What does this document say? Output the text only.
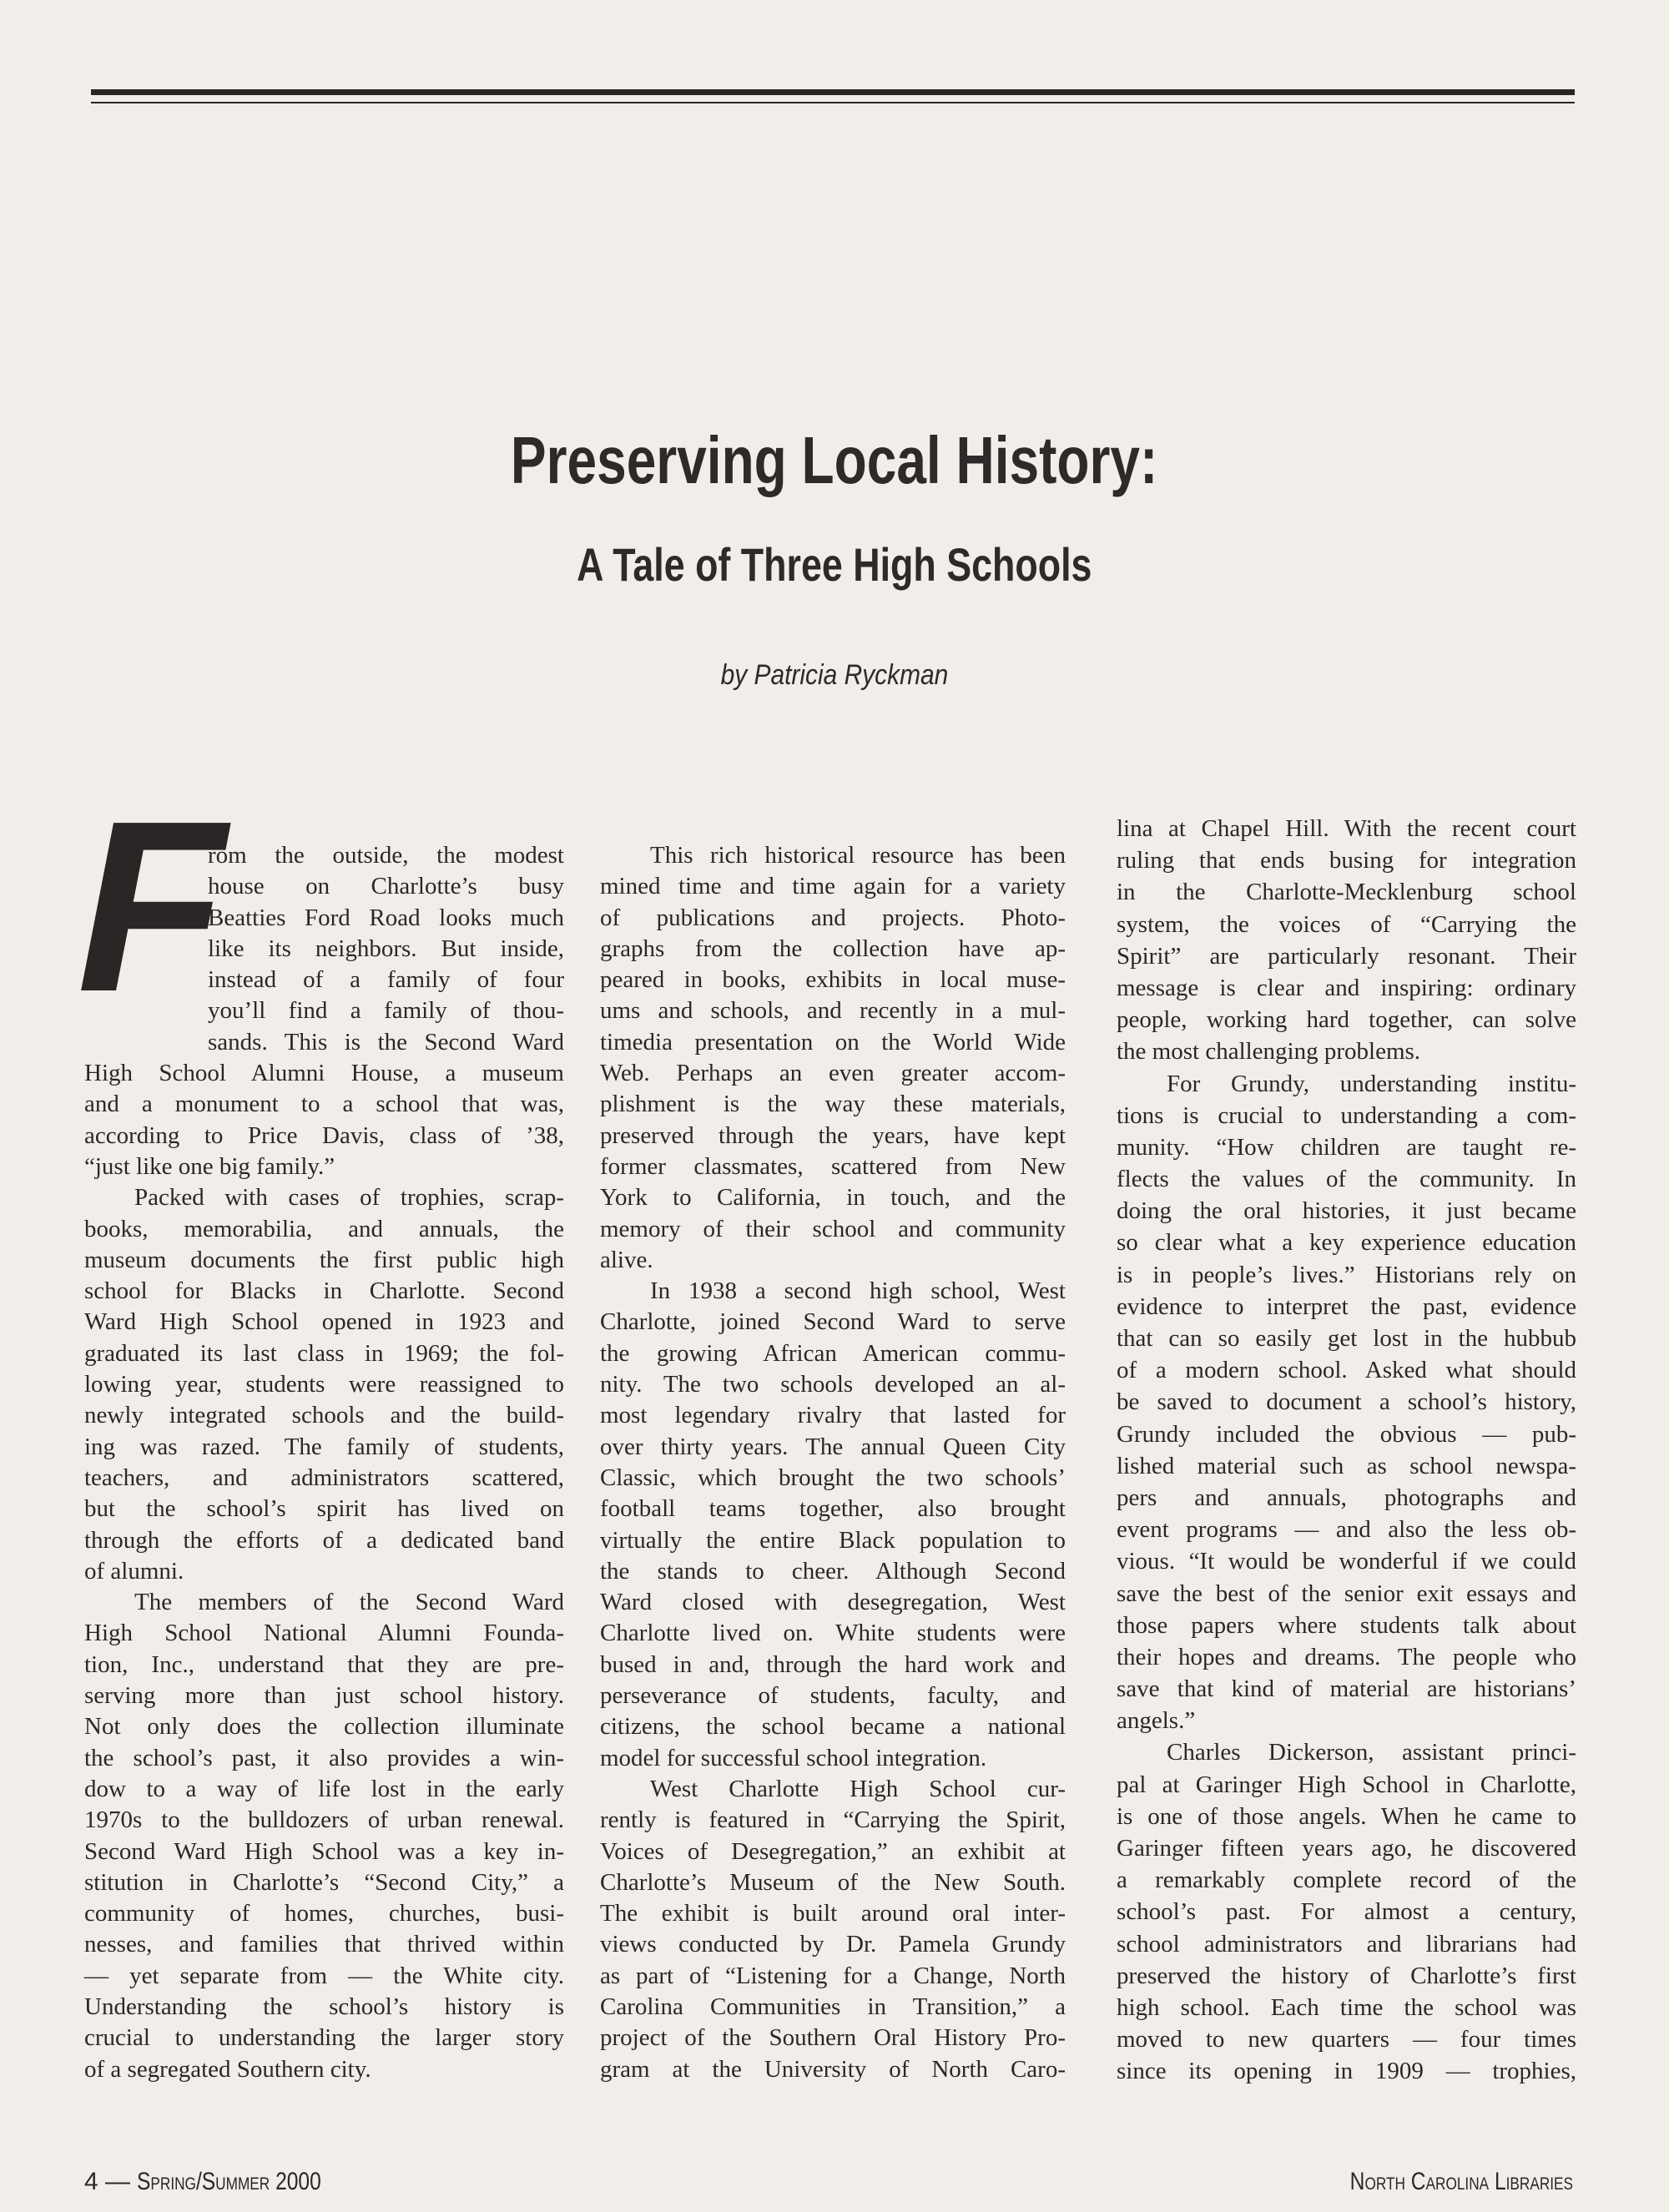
Preserving Local History:
A Tale of Three High Schools
by Patricia Ryckman
F
rom the outside, the modest
house on Charlotte’s busy
Beatties Ford Road looks much
like its neighbors. But inside,
instead of a family of four
you’ll find a family of thou-
sands. This is the Second Ward
High School Alumni House, a museum
and a monument to a school that was,
according to Price Davis, class of ’38,
“just like one big family.”
Packed with cases of trophies, scrap-
books, memorabilia, and annuals, the
museum documents the first public high
school for Blacks in Charlotte. Second
Ward High School opened in 1923 and
graduated its last class in 1969; the fol-
lowing year, students were reassigned to
newly integrated schools and the build-
ing was razed. The family of students,
teachers, and administrators scattered,
but the school’s spirit has lived on
through the efforts of a dedicated band
of alumni.
The members of the Second Ward
High School National Alumni Founda-
tion, Inc., understand that they are pre-
serving more than just school history.
Not only does the collection illuminate
the school’s past, it also provides a win-
dow to a way of life lost in the early
1970s to the bulldozers of urban renewal.
Second Ward High School was a key in-
stitution in Charlotte’s “Second City,” a
community of homes, churches, busi-
nesses, and families that thrived within
— yet separate from — the White city.
Understanding the school’s history is
crucial to understanding the larger story
of a segregated Southern city.
This rich historical resource has been
mined time and time again for a variety
of publications and projects. Photo-
graphs from the collection have ap-
peared in books, exhibits in local muse-
ums and schools, and recently in a mul-
timedia presentation on the World Wide
Web. Perhaps an even greater accom-
plishment is the way these materials,
preserved through the years, have kept
former classmates, scattered from New
York to California, in touch, and the
memory of their school and community
alive.
In 1938 a second high school, West
Charlotte, joined Second Ward to serve
the growing African American commu-
nity. The two schools developed an al-
most legendary rivalry that lasted for
over thirty years. The annual Queen City
Classic, which brought the two schools’
football teams together, also brought
virtually the entire Black population to
the stands to cheer. Although Second
Ward closed with desegregation, West
Charlotte lived on. White students were
bused in and, through the hard work and
perseverance of students, faculty, and
citizens, the school became a national
model for successful school integration.
West Charlotte High School cur-
rently is featured in “Carrying the Spirit,
Voices of Desegregation,” an exhibit at
Charlotte’s Museum of the New South.
The exhibit is built around oral inter-
views conducted by Dr. Pamela Grundy
as part of “Listening for a Change, North
Carolina Communities in Transition,” a
project of the Southern Oral History Pro-
gram at the University of North Caro-
lina at Chapel Hill. With the recent court
ruling that ends busing for integration
in the Charlotte-Mecklenburg school
system, the voices of “Carrying the
Spirit” are particularly resonant. Their
message is clear and inspiring: ordinary
people, working hard together, can solve
the most challenging problems.
For Grundy, understanding institu-
tions is crucial to understanding a com-
munity. “How children are taught re-
flects the values of the community. In
doing the oral histories, it just became
so clear what a key experience education
is in people’s lives.” Historians rely on
evidence to interpret the past, evidence
that can so easily get lost in the hubbub
of a modern school. Asked what should
be saved to document a school’s history,
Grundy included the obvious — pub-
lished material such as school newspa-
pers and annuals, photographs and
event programs — and also the less ob-
vious. “It would be wonderful if we could
save the best of the senior exit essays and
those papers where students talk about
their hopes and dreams. The people who
save that kind of material are historians’
angels.”
Charles Dickerson, assistant princi-
pal at Garinger High School in Charlotte,
is one of those angels. When he came to
Garinger fifteen years ago, he discovered
a remarkably complete record of the
school’s past. For almost a century,
school administrators and librarians had
preserved the history of Charlotte’s first
high school. Each time the school was
moved to new quarters — four times
since its opening in 1909 — trophies,
4 — Spring/Summer 2000	North Carolina Libraries
